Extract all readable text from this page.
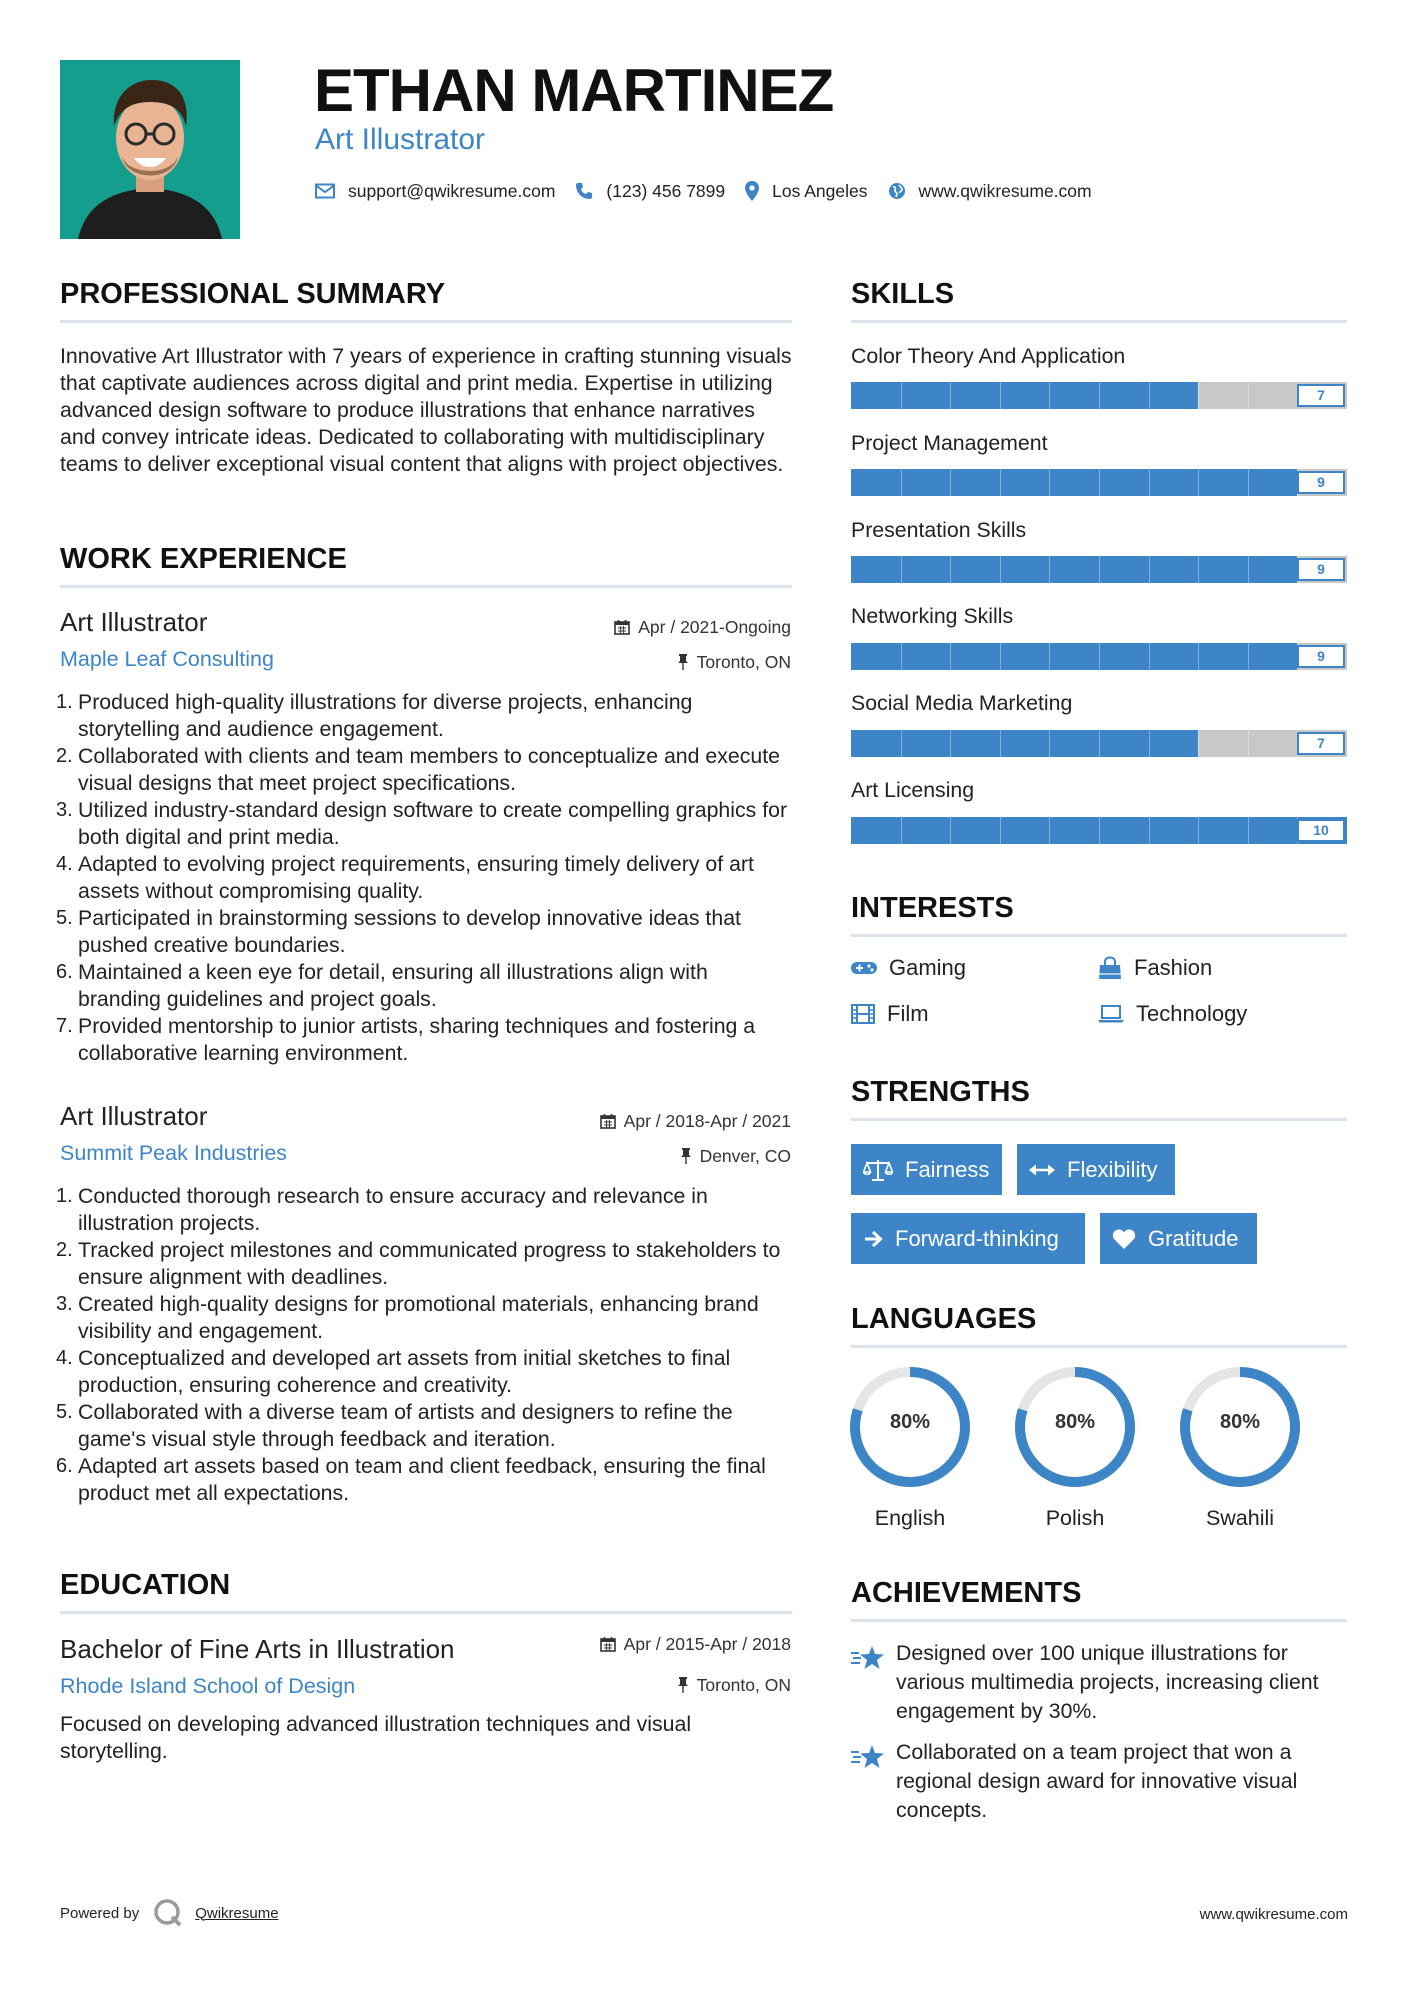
ETHAN MARTINEZ
Art Illustrator
support@qwikresume.com	(123) 456 7899	Los Angeles	www.qwikresume.com
PROFESSIONAL SUMMARY
Innovative Art Illustrator with 7 years of experience in crafting stunning visuals that captivate audiences across digital and print media. Expertise in utilizing advanced design software to produce illustrations that enhance narratives and convey intricate ideas. Dedicated to collaborating with multidisciplinary teams to deliver exceptional visual content that aligns with project objectives.
WORK EXPERIENCE
Art Illustrator	Apr / 2021-Ongoing
Maple Leaf Consulting	Toronto, ON
1. Produced high-quality illustrations for diverse projects, enhancing storytelling and audience engagement.
2. Collaborated with clients and team members to conceptualize and execute visual designs that meet project specifications.
3. Utilized industry-standard design software to create compelling graphics for both digital and print media.
4. Adapted to evolving project requirements, ensuring timely delivery of art assets without compromising quality.
5. Participated in brainstorming sessions to develop innovative ideas that pushed creative boundaries.
6. Maintained a keen eye for detail, ensuring all illustrations align with branding guidelines and project goals.
7. Provided mentorship to junior artists, sharing techniques and fostering a collaborative learning environment.
Art Illustrator	Apr / 2018-Apr / 2021
Summit Peak Industries	Denver, CO
1. Conducted thorough research to ensure accuracy and relevance in illustration projects.
2. Tracked project milestones and communicated progress to stakeholders to ensure alignment with deadlines.
3. Created high-quality designs for promotional materials, enhancing brand visibility and engagement.
4. Conceptualized and developed art assets from initial sketches to final production, ensuring coherence and creativity.
5. Collaborated with a diverse team of artists and designers to refine the game's visual style through feedback and iteration.
6. Adapted art assets based on team and client feedback, ensuring the final product met all expectations.
EDUCATION
Bachelor of Fine Arts in Illustration	Apr / 2015-Apr / 2018
Rhode Island School of Design	Toronto, ON
Focused on developing advanced illustration techniques and visual storytelling.
SKILLS
Color Theory And Application
7
Project Management
9
Presentation Skills
9
Networking Skills
9
Social Media Marketing
7
Art Licensing
10
INTERESTS
Gaming	Fashion
Film	Technology
STRENGTHS
Fairness	Flexibility
Forward-thinking	Gratitude
LANGUAGES
80%
English
80%
Polish
80%
Swahili
ACHIEVEMENTS
Designed over 100 unique illustrations for various multimedia projects, increasing client engagement by 30%.
Collaborated on a team project that won a regional design award for innovative visual concepts.
Powered by	Qwikresume	www.qwikresume.com
